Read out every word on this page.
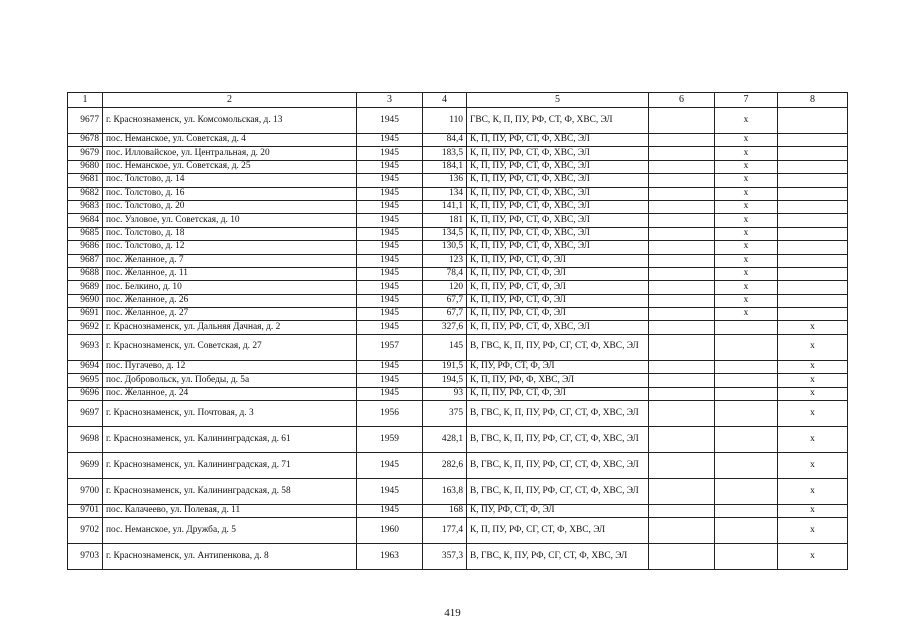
1	2	3	4	5	6	7	8
9677	г. Краснознаменск, ул. Комсомольская, д. 13	1945	110	ГВС, К, П, ПУ, РФ, СТ, Ф, ХВС, ЭЛ		х	
9678	пос. Неманское, ул. Советская, д. 4	1945	84,4	К, П, ПУ, РФ, СТ, Ф, ХВС, ЭЛ		х	
9679	пос. Илловайское, ул. Центральная, д. 20	1945	183,5	К, П, ПУ, РФ, СТ, Ф, ХВС, ЭЛ		х	
9680	пос. Неманское, ул. Советская, д. 25	1945	184,1	К, П, ПУ, РФ, СТ, Ф, ХВС, ЭЛ		х	
9681	пос. Толстово, д. 14	1945	136	К, П, ПУ, РФ, СТ, Ф, ХВС, ЭЛ		х	
9682	пос. Толстово, д. 16	1945	134	К, П, ПУ, РФ, СТ, Ф, ХВС, ЭЛ		х	
9683	пос. Толстово, д. 20	1945	141,1	К, П, ПУ, РФ, СТ, Ф, ХВС, ЭЛ		х	
9684	пос. Узловое, ул. Советская, д. 10	1945	181	К, П, ПУ, РФ, СТ, Ф, ХВС, ЭЛ		х	
9685	пос. Толстово, д. 18	1945	134,5	К, П, ПУ, РФ, СТ, Ф, ХВС, ЭЛ		х	
9686	пос. Толстово, д. 12	1945	130,5	К, П, ПУ, РФ, СТ, Ф, ХВС, ЭЛ		х	
9687	пос. Желанное, д. 7	1945	123	К, П, ПУ, РФ, СТ, Ф, ЭЛ		х	
9688	пос. Желанное, д. 11	1945	78,4	К, П, ПУ, РФ, СТ, Ф, ЭЛ		х	
9689	пос. Белкино, д. 10	1945	120	К, П, ПУ, РФ, СТ, Ф, ЭЛ		х	
9690	пос. Желанное, д. 26	1945	67,7	К, П, ПУ, РФ, СТ, Ф, ЭЛ		х	
9691	пос. Желанное, д. 27	1945	67,7	К, П, ПУ, РФ, СТ, Ф, ЭЛ		х	
9692	г. Краснознаменск, ул. Дальняя Дачная, д. 2	1945	327,6	К, П, ПУ, РФ, СТ, Ф, ХВС, ЭЛ			х
9693	г. Краснознаменск, ул. Советская, д. 27	1957	145	В, ГВС, К, П, ПУ, РФ, СГ, СТ, Ф, ХВС, ЭЛ			х
9694	пос. Пугачево, д. 12	1945	191,5	К, ПУ, РФ, СТ, Ф, ЭЛ			х
9695	пос. Добровольск, ул. Победы, д. 5а	1945	194,5	К, П, ПУ, РФ, Ф, ХВС, ЭЛ			х
9696	пос. Желанное, д. 24	1945	93	К, П, ПУ, РФ, СТ, Ф, ЭЛ			х
9697	г. Краснознаменск, ул. Почтовая, д. 3	1956	375	В, ГВС, К, П, ПУ, РФ, СГ, СТ, Ф, ХВС, ЭЛ			х
9698	г. Краснознаменск, ул. Калининградская, д. 61	1959	428,1	В, ГВС, К, П, ПУ, РФ, СГ, СТ, Ф, ХВС, ЭЛ			х
9699	г. Краснознаменск, ул. Калининградская, д. 71	1945	282,6	В, ГВС, К, П, ПУ, РФ, СГ, СТ, Ф, ХВС, ЭЛ			х
9700	г. Краснознаменск, ул. Калининградская, д. 58	1945	163,8	В, ГВС, К, П, ПУ, РФ, СГ, СТ, Ф, ХВС, ЭЛ			х
9701	пос. Калачеево, ул. Полевая, д. 11	1945	168	К, ПУ, РФ, СТ, Ф, ЭЛ			х
9702	пос. Неманское, ул. Дружба, д. 5	1960	177,4	К, П, ПУ, РФ, СГ, СТ, Ф, ХВС, ЭЛ			х
9703	г. Краснознаменск, ул. Антипенкова, д. 8	1963	357,3	В, ГВС, К, ПУ, РФ, СГ, СТ, Ф, ХВС, ЭЛ			х
419
